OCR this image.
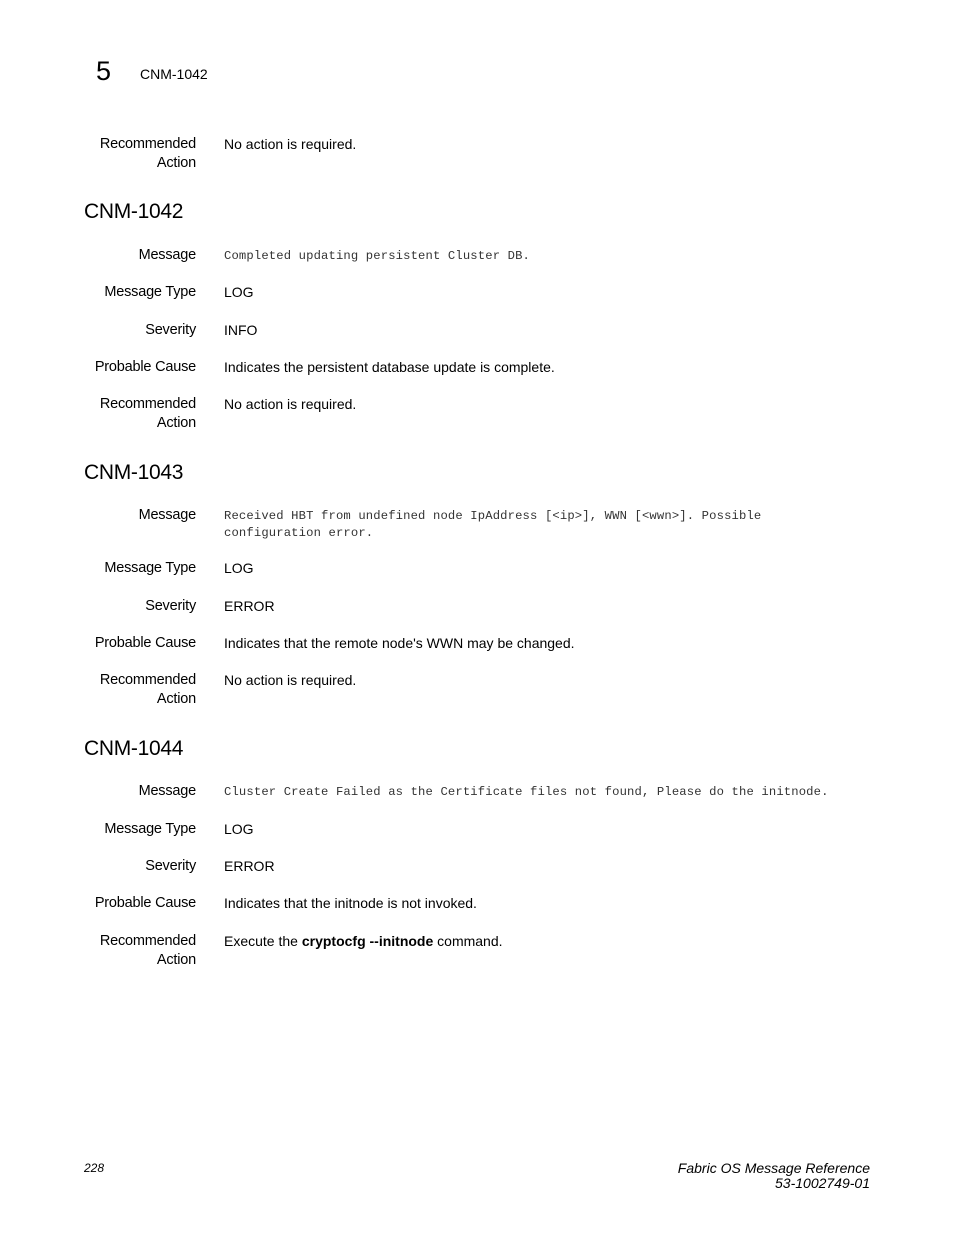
5 CNM-1042
Recommended
Action
No action is required.
CNM-1042
Message Completed updating persistent Cluster DB.
Message Type LOG
Severity INFO
Probable Cause Indicates the persistent database update is complete.
Recommended
Action
No action is required.
CNM-1043
Message Received HBT from undefined node IpAddress [<ip>], WWN [<wwn>]. Possible
configuration error.
Message Type LOG
Severity ERROR
Probable Cause Indicates that the remote node's WWN may be changed.
Recommended
Action
No action is required.
CNM-1044
Message Cluster Create Failed as the Certificate files not found, Please do the initnode.
Message Type LOG
Severity ERROR
Probable Cause Indicates that the initnode is not invoked.
Recommended
Action
Execute the cryptocfg --initnode command.
228	Fabric OS Message Reference
53-1002749-01
